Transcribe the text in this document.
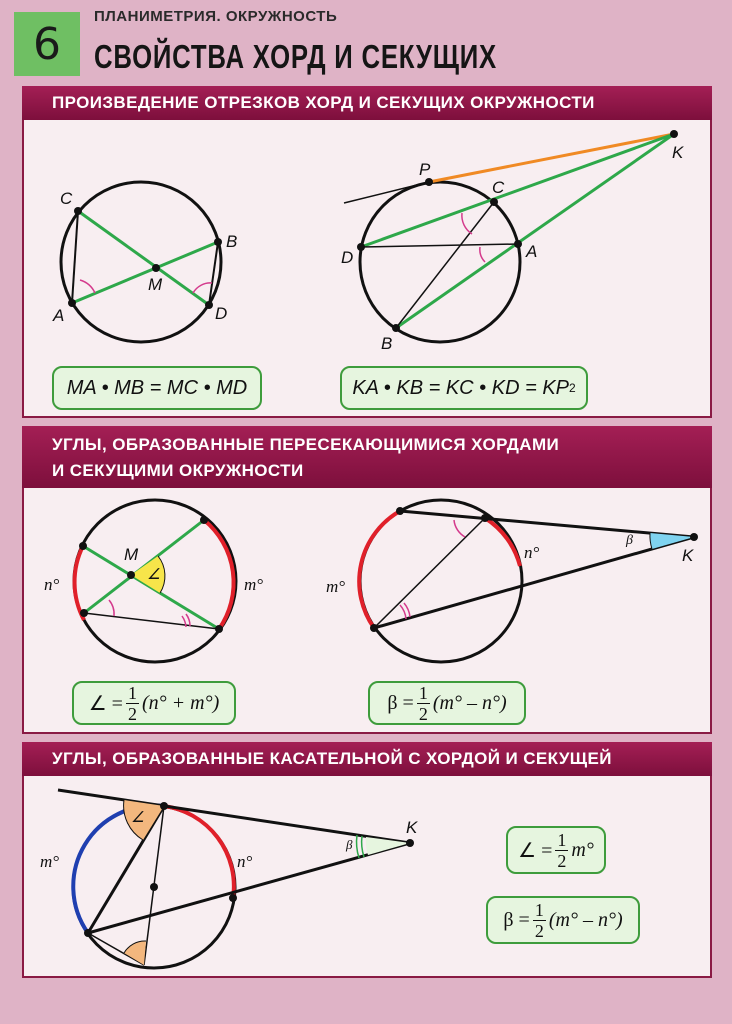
6
ПЛАНИМЕТРИЯ. ОКРУЖНОСТЬ
СВОЙСТВА ХОРД И СЕКУЩИХ
ПРОИЗВЕДЕНИЕ ОТРЕЗКОВ ХОРД И СЕКУЩИХ ОКРУЖНОСТИ
УГЛЫ, ОБРАЗОВАННЫЕ ПЕРЕСЕКАЮЩИМИСЯ ХОРДАМИ
И СЕКУЩИМИ ОКРУЖНОСТИ
УГЛЫ, ОБРАЗОВАННЫЕ КАСАТЕЛЬНОЙ С ХОРДОЙ И СЕКУЩЕЙ
C
B
M
A	D
P
C
K
D	A
B
MA • MB = MC • MD	KA • KB = KC • KD = KP 2
M
∠
n°	m°
n°
m°
β
K
∠ = $\frac{1}{2} (n^\circ + m^\circ)$	$\beta = \frac{1}{2} (m^\circ - n^\circ)$
∠
β
K
m°	n°	∠ = $\frac{1}{2} m^\circ$
$\beta = \frac{1}{2} (m^\circ - n^\circ)$
